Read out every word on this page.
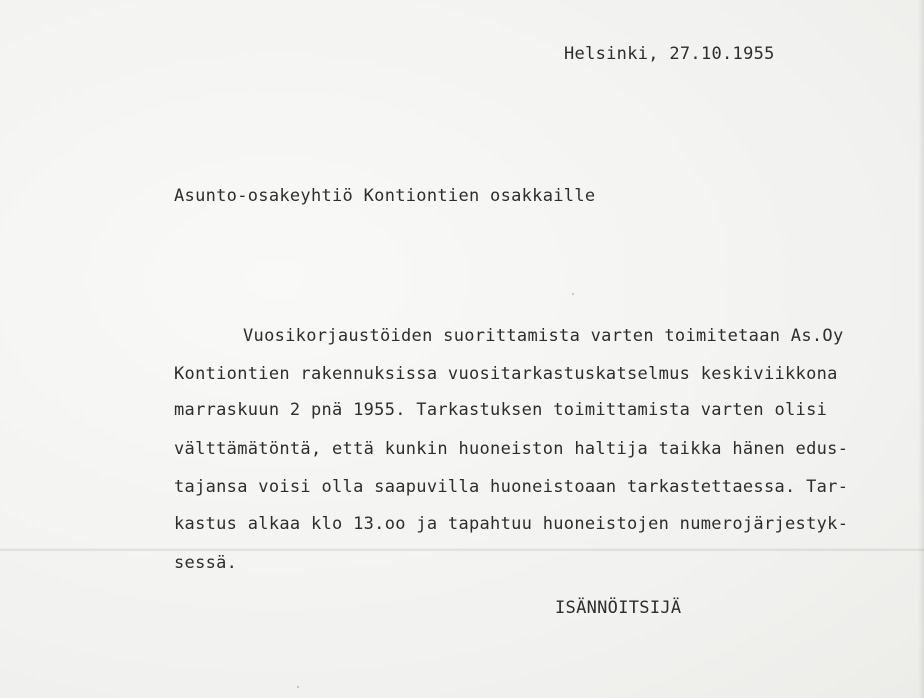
Helsinki, 27.10.1955

Asunto-osakeyhtiö Kontiontien osakkaille

Vuosikorjaustöiden suorittamista varten toimitetaan As.Oy

Kontiontien rakennuksissa vuositarkastuskatselmus keskiviikkona

marraskuun 2 pnä 1955. Tarkastuksen toimittamista varten olisi

välttämätöntä, että kunkin huoneiston haltija taikka hänen edus-

tajansa voisi olla saapuvilla huoneistoaan tarkastettaessa. Tar-

kastus alkaa klo 13.oo ja tapahtuu huoneistojen numerojärjestyk-

sessä.

ISÄNNÖITSIJÄ
